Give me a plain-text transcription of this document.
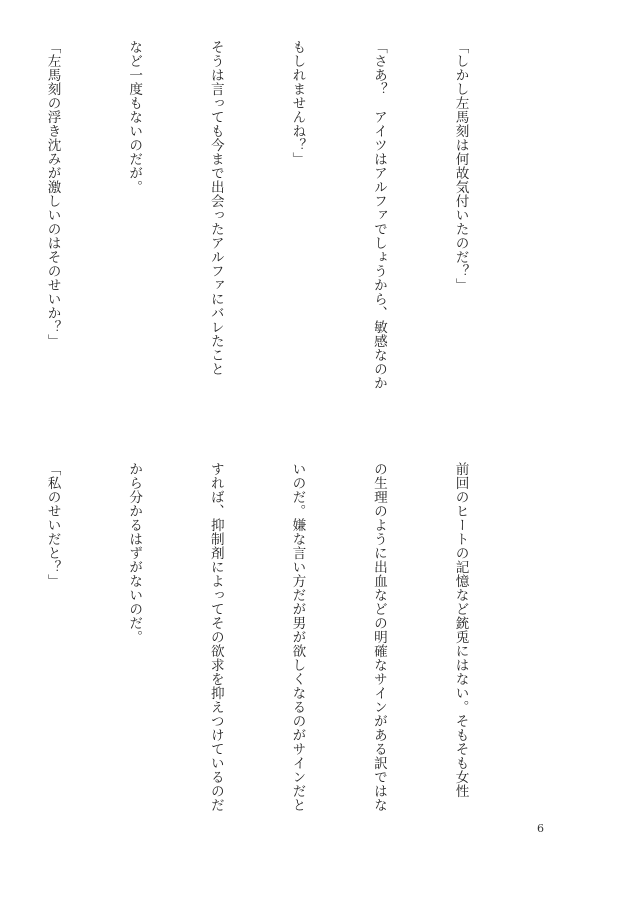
「しかし左馬刻は何故気付いたのだ？」

「さあ？　アイツはアルファでしょうから、敏感なのか

もしれませんね？」

そうは言っても今まで出会ったアルファにバレたこと

など一度もないのだが。

「左馬刻の浮き沈みが激しいのはそのせいか？」

前回のヒートの記憶など銃兎にはない。そもそも女性

の生理のように出血などの明確なサインがある訳ではな

いのだ。嫌な言い方だが男が欲しくなるのがサインだと

すれば、抑制剤によってその欲求を抑えつけているのだ

から分かるはずがないのだ。

「私のせいだと？」

6
